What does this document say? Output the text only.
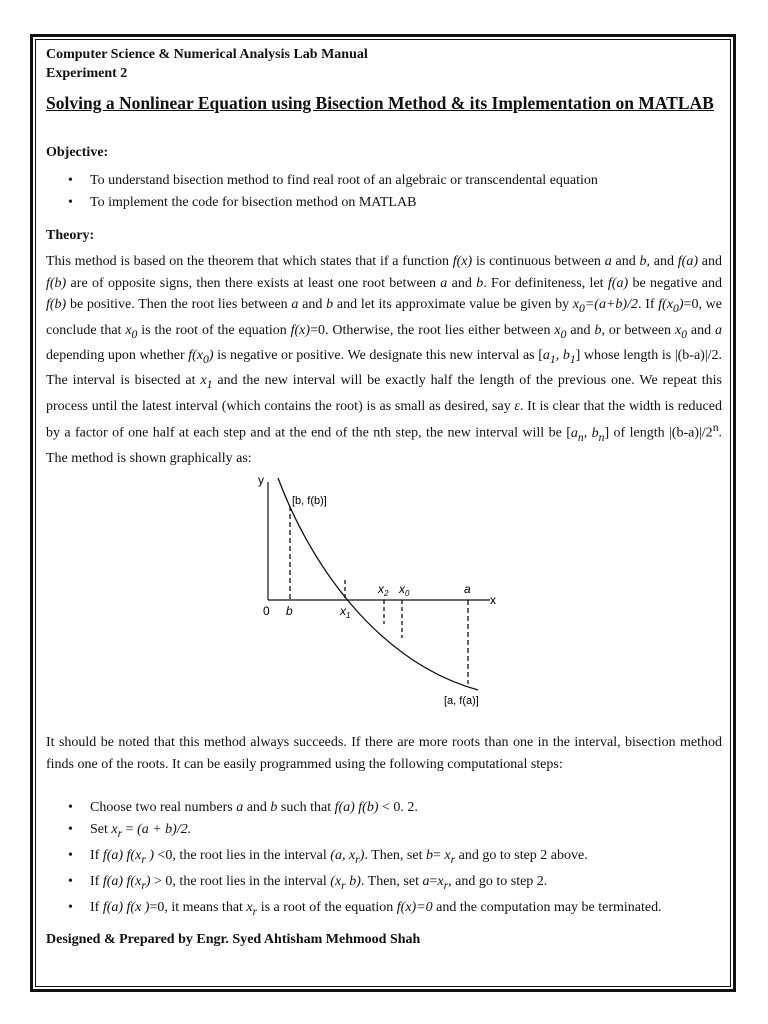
Computer Science & Numerical Analysis Lab Manual
Experiment 2
Solving a Nonlinear Equation using Bisection Method & its Implementation on MATLAB
Objective:
• To understand bisection method to find real root of an algebraic or transcendental equation
• To implement the code for bisection method on MATLAB
Theory:
This method is based on the theorem that which states that if a function f(x) is continuous between a and b, and f(a) and f(b) are of opposite signs, then there exists at least one root between a and b. For definiteness, let f(a) be negative and f(b) be positive. Then the root lies between a and b and let its approximate value be given by $x_0=(a+b)/2$. If $f(x_0)=0$, we conclude that $x_0$ is the root of the equation f(x)=0. Otherwise, the root lies either between $x_0$ and b, or between $x_0$ and a depending upon whether $f(x_0)$ is negative or positive. We designate this new interval as [$a_1$, $b_1$] whose length is |(b-a)|/2. The interval is bisected at $x_1$ and the new interval will be exactly half the length of the previous one. We repeat this process until the latest interval (which contains the root) is as small as desired, say ε. It is clear that the width is reduced by a factor of one half at each step and at the end of the nth step, the new interval will be [$a_n$, $b_n$] of length |(b-a)|/2$^n$. The method is shown graphically as:
y
x
0
[b, f(b)]
b	$x_1$
$x_2$ $x_0$	a
[a, f(a)]
It should be noted that this method always succeeds. If there are more roots than one in the interval, bisection method finds one of the roots. It can be easily programmed using the following computational steps:
• Choose two real numbers a and b such that f(a) f(b) < 0. 2.
• Set $x_r = (a + b)/2$.
• If f(a) $f(x_r$ ) <0, the root lies in the interval (a, $x_r$). Then, set $b= x_r$ and go to step 2 above.
• If f(a) $f(x_r) > 0$, the root lies in the interval ($x_r$ b). Then, set $a=x_r$, and go to step 2.
• If f(a) f(x )=0, it means that $x_r$ is a root of the equation f(x)=0 and the computation may be terminated.
Designed & Prepared by Engr. Syed Ahtisham Mehmood Shah
